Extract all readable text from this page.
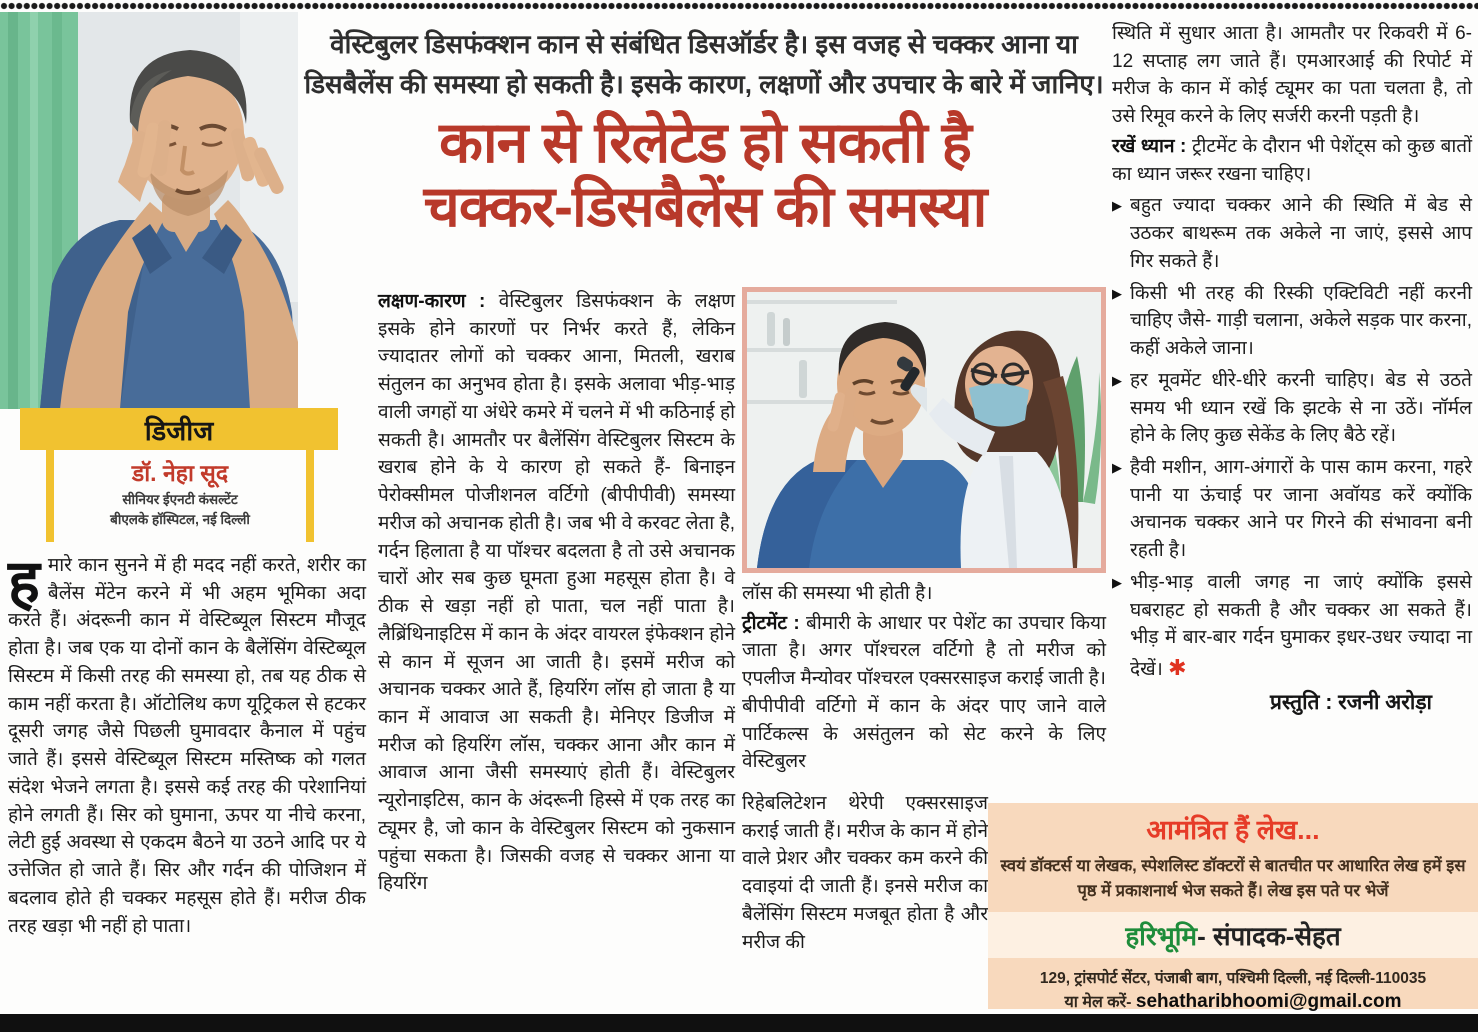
वेस्टिबुलर डिसफंक्शन कान से संबंधित डिसऑर्डर है। इस वजह से चक्कर आना या डिसबैलेंस की समस्या हो सकती है। इसके कारण, लक्षणों और उपचार के बारे में जानिए।
कान से रिलेटेड हो सकती है
चक्कर-डिसबैलेंस की समस्या
डिजीज
डॉ. नेहा सूद
सीनियर ईएनटी कंसल्टेंट
बीएलके हॉस्पिटल, नई दिल्ली
हमारे कान सुनने में ही मदद नहीं करते, शरीर का बैलेंस मेंटेन करने में भी अहम भूमिका अदा करते हैं। अंदरूनी कान में वेस्टिब्यूल सिस्टम मौजूद होता है। जब एक या दोनों कान के बैलेंसिंग वेस्टिब्यूल सिस्टम में किसी तरह की समस्या हो, तब यह ठीक से काम नहीं करता है। ऑटोलिथ कण यूट्रिकल से हटकर दूसरी जगह जैसे पिछली घुमावदार कैनाल में पहुंच जाते हैं। इससे वेस्टिब्यूल सिस्टम मस्तिष्क को गलत संदेश भेजने लगता है। इससे कई तरह की परेशानियां होने लगती हैं। सिर को घुमाना, ऊपर या नीचे करना, लेटी हुई अवस्था से एकदम बैठने या उठने आदि पर ये उत्तेजित हो जाते हैं। सिर और गर्दन की पोजिशन में बदलाव होते ही चक्कर महसूस होते हैं। मरीज ठीक तरह खड़ा भी नहीं हो पाता।
लक्षण-कारण : वेस्टिबुलर डिसफंक्शन के लक्षण इसके होने कारणों पर निर्भर करते हैं, लेकिन ज्यादातर लोगों को चक्कर आना, मितली, खराब संतुलन का अनुभव होता है। इसके अलावा भीड़-भाड़ वाली जगहों या अंधेरे कमरे में चलने में भी कठिनाई हो सकती है। आमतौर पर बैलेंसिंग वेस्टिबुलर सिस्टम के खराब होने के ये कारण हो सकते हैं- बिनाइन पेरोक्सीमल पोजीशनल वर्टिगो (बीपीपीवी) समस्या मरीज को अचानक होती है। जब भी वे करवट लेता है, गर्दन हिलाता है या पॉश्चर बदलता है तो उसे अचानक चारों ओर सब कुछ घूमता हुआ महसूस होता है। वे ठीक से खड़ा नहीं हो पाता, चल नहीं पाता है। लैब्रिंथिनाइटिस में कान के अंदर वायरल इंफेक्शन होने से कान में सूजन आ जाती है। इसमें मरीज को अचानक चक्कर आते हैं, हियरिंग लॉस हो जाता है या कान में आवाज आ सकती है। मेनिएर डिजीज में मरीज को हियरिंग लॉस, चक्कर आना और कान में आवाज आना जैसी समस्याएं होती हैं। वेस्टिबुलर न्यूरोनाइटिस, कान के अंदरूनी हिस्से में एक तरह का ट्यूमर है, जो कान के वेस्टिबुलर सिस्टम को नुकसान पहुंचा सकता है। जिसकी वजह से चक्कर आना या हियरिंग
लॉस की समस्या भी होती है।
ट्रीटमेंट : बीमारी के आधार पर पेशेंट का उपचार किया जाता है। अगर पॉश्चरल वर्टिगो है तो मरीज को एपलीज मैन्योवर पॉश्चरल एक्सरसाइज कराई जाती है। बीपीपीवी वर्टिगो में कान के अंदर पाए जाने वाले पार्टिकल्स के असंतुलन को सेट करने के लिए वेस्टिबुलर
रिहेबलिटेशन थेरेपी एक्सरसाइज कराई जाती हैं। मरीज के कान में होने वाले प्रेशर और चक्कर कम करने की दवाइयां दी जाती हैं। इनसे मरीज का बैलेंसिंग सिस्टम मजबूत होता है और मरीज की
स्थिति में सुधार आता है। आमतौर पर रिकवरी में 6-12 सप्ताह लग जाते हैं। एमआरआई की रिपोर्ट में मरीज के कान में कोई ट्यूमर का पता चलता है, तो उसे रिमूव करने के लिए सर्जरी करनी पड़ती है।
रखें ध्यान : ट्रीटमेंट के दौरान भी पेशेंट्स को कुछ बातों का ध्यान जरूर रखना चाहिए।
▶ बहुत ज्यादा चक्कर आने की स्थिति में बेड से उठकर बाथरूम तक अकेले ना जाएं, इससे आप गिर सकते हैं।
▶ किसी भी तरह की रिस्की एक्टिविटी नहीं करनी चाहिए जैसे- गाड़ी चलाना, अकेले सड़क पार करना, कहीं अकेले जाना।
▶ हर मूवमेंट धीरे-धीरे करनी चाहिए। बेड से उठते समय भी ध्यान रखें कि झटके से ना उठें। नॉर्मल होने के लिए कुछ सेकेंड के लिए बैठे रहें।
▶ हैवी मशीन, आग-अंगारों के पास काम करना, गहरे पानी या ऊंचाई पर जाना अवॉयड करें क्योंकि अचानक चक्कर आने पर गिरने की संभावना बनी रहती है।
▶ भीड़-भाड़ वाली जगह ना जाएं क्योंकि इससे घबराहट हो सकती है और चक्कर आ सकते हैं। भीड़ में बार-बार गर्दन घुमाकर इधर-उधर ज्यादा ना देखें। ✱
प्रस्तुति : रजनी अरोड़ा
आमंत्रित हैं लेख...
स्वयं डॉक्टर्स या लेखक, स्पेशलिस्ट डॉक्टरों से बातचीत पर आधारित लेख हमें इस पृष्ठ में प्रकाशनार्थ भेज सकते हैं। लेख इस पते पर भेजें
हरिभूमि- संपादक-सेहत
129, ट्रांसपोर्ट सेंटर, पंजाबी बाग, पश्चिमी दिल्ली, नई दिल्ली-110035
या मेल करें- sehatharibhoomi@gmail.com
